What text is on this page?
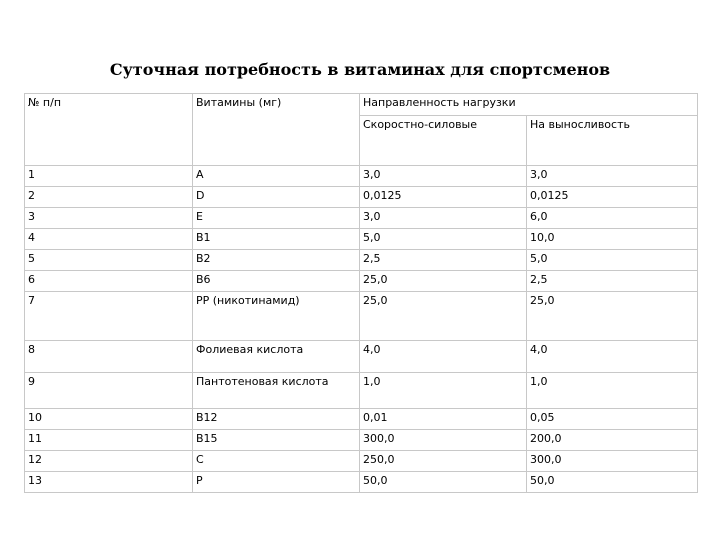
Суточная потребность в витаминах для спортсменов
№ п/п	Витамины (мг)	Направленность нагрузки	
		Скоростно-силовые	На выносливость
1	A	3,0	3,0
2	D	0,0125	0,0125
3	E	3,0	6,0
4	B1	5,0	10,0
5	B2	2,5	5,0
6	B6	25,0	2,5
7	PP (никотинамид)	25,0	25,0
8	Фолиевая кислота	4,0	4,0
9	Пантотеновая кислота	1,0	1,0
10	B12	0,01	0,05
11	B15	300,0	200,0
12	C	250,0	300,0
13	P	50,0	50,0
